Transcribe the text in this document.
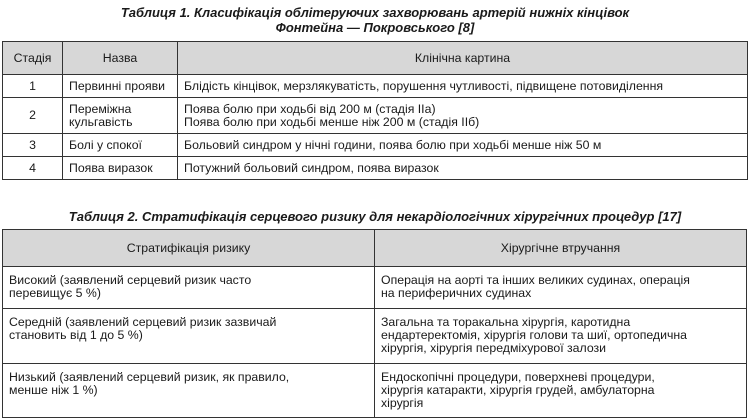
Таблиця 1. Класифікація облітеруючих захворювань артерій нижніх кінцівок
Фонтейна — Покровського [8]
Стадія	Назва	Клінічна картина
1	Первинні прояви	Блідість кінцівок, мерзлякуватість, порушення чутливості, підвищене потовиділення

2	Переміжна
кульгавість	Поява болю при ходьбі від 200 м (стадія ІІа)
Поява болю при ходьбі менше ніж 200 м (стадія ІІб)

3	Болі у спокої	Больовий синдром у нічні години, поява болю при ходьбі менше ніж 50 м

4	Поява виразок	Потужний больовий синдром, поява виразок
Таблиця 2. Стратифікація серцевого ризику для некардіологічних хірургічних процедур [17]
Стратифікація ризику	Хірургічне втручання

Високий (заявлений серцевий ризик часто
перевищує 5 %)	Операція на аорті та інших великих судинах, операція
на периферичних судинах

Середній (заявлений серцевий ризик зазвичай
становить від 1 до 5 %)	Загальна та торакальна хірургія, каротидна
ендартеректомія, хірургія голови та шиї, ортопедична
хірургія, хірургія передміхурової залози

Низький (заявлений серцевий ризик, як правило,
менше ніж 1 %)	Ендоскопічні процедури, поверхневі процедури,
хірургія катаракти, хірургія грудей, амбулаторна
хірургія
